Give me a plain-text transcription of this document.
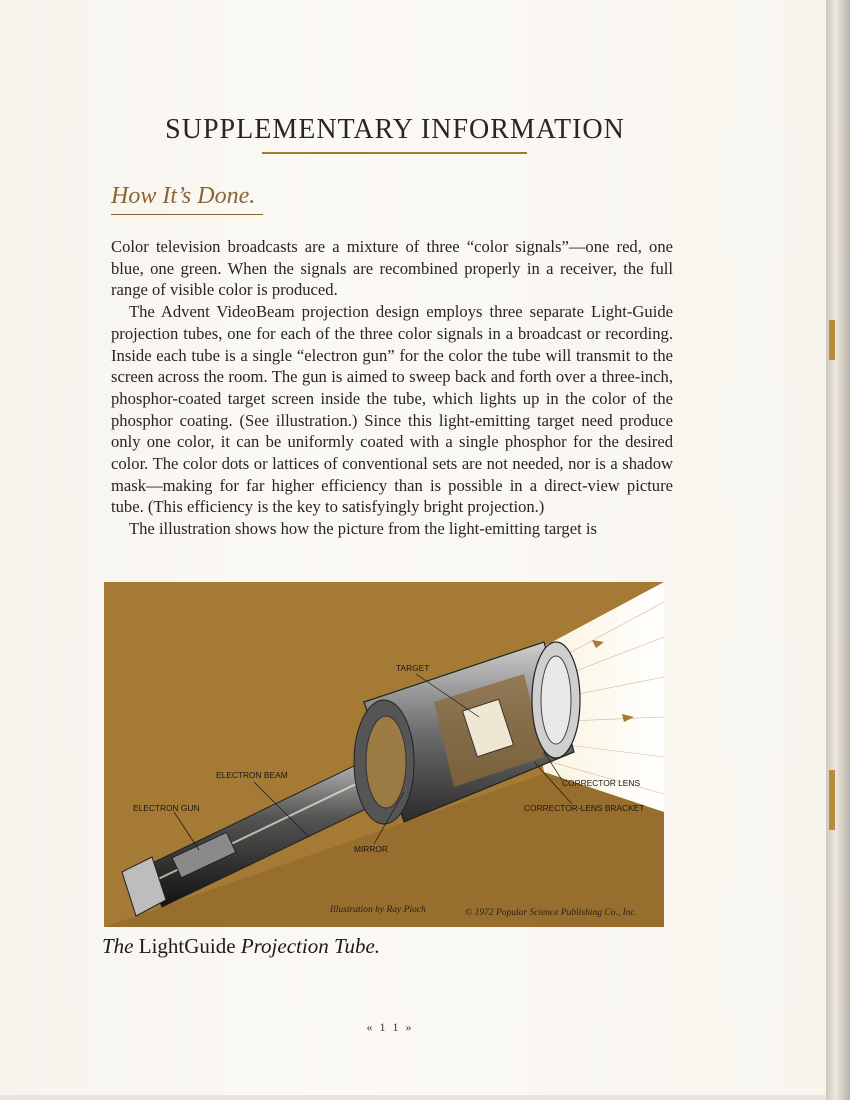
SUPPLEMENTARY INFORMATION
How It’s Done.

Color television broadcasts are a mixture of three “color signals”—one red, one blue, one green. When the signals are recombined properly in a receiver, the full range of visible color is produced.

The Advent VideoBeam projection design employs three separate Light-Guide projection tubes, one for each of the three color signals in a broadcast or recording. Inside each tube is a single “electron gun” for the color the tube will transmit to the screen across the room. The gun is aimed to sweep back and forth over a three-inch, phosphor-coated target screen inside the tube, which lights up in the color of the phosphor coating. (See illustration.) Since this light-emitting target need produce only one color, it can be uniformly coated with a single phosphor for the desired color. The color dots or lattices of conventional sets are not needed, nor is a shadow mask—making for far higher efficiency than is possible in a direct-view picture tube. (This efficiency is the key to satisfyingly bright projection.)

The illustration shows how the picture from the light-emitting target is

TARGET
ELECTRON BEAM
ELECTRON GUN
MIRROR
CORRECTOR LENS
CORRECTOR-LENS BRACKET
Illustration by Ray Pioch	© 1972 Popular Science Publishing Co., Inc.
The LightGuide Projection Tube.
« 1 1 »
